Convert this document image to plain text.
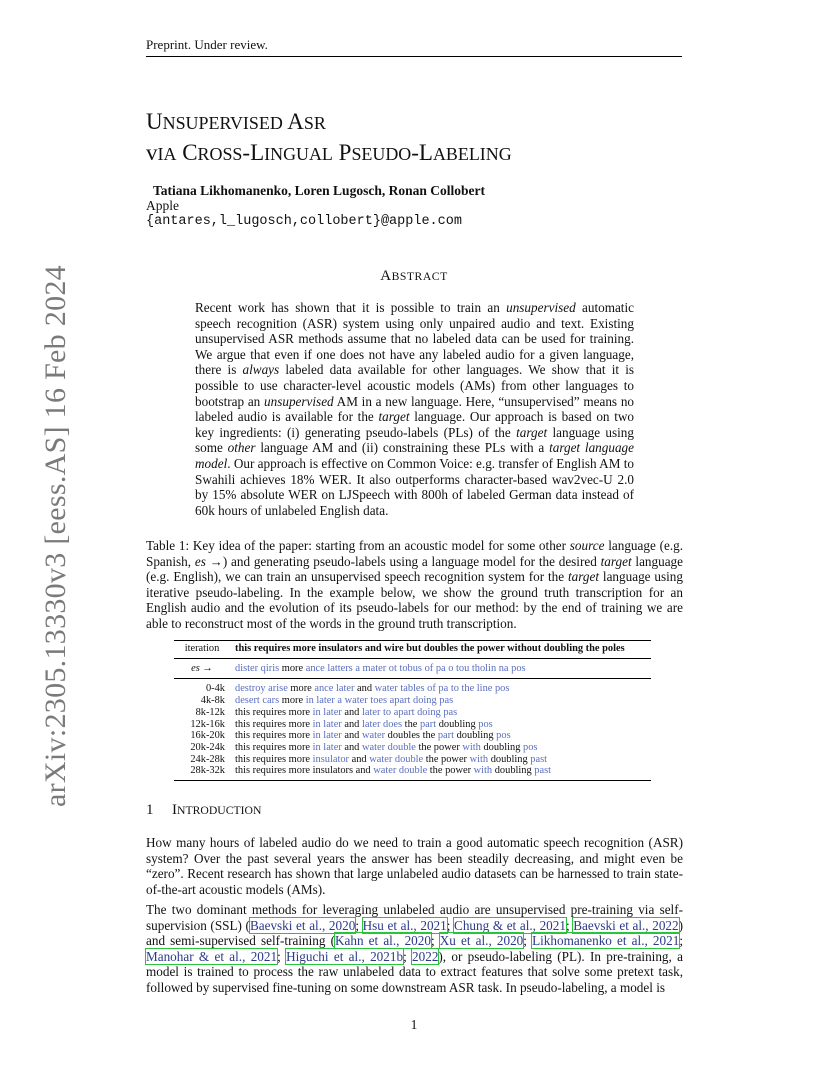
Preprint. Under review.
arXiv:2305.13330v3 [eess.AS] 16 Feb 2024
UNSUPERVISED ASR
vIA CROSS-LINGUAL PSEUDO-LABELING
Tatiana Likhomanenko, Loren Lugosch, Ronan Collobert
Apple
{antares,l_lugosch,collobert}@apple.com
ABSTRACT
Recent work has shown that it is possible to train an unsupervised automatic speech recognition (ASR) system using only unpaired audio and text. Existing unsupervised ASR methods assume that no labeled data can be used for training. We argue that even if one does not have any labeled audio for a given language, there is always labeled data available for other languages. We show that it is possible to use character-level acoustic models (AMs) from other languages to bootstrap an unsupervised AM in a new language. Here, “unsupervised” means no labeled audio is available for the target language. Our approach is based on two key ingredients: (i) generating pseudo-labels (PLs) of the target language using some other language AM and (ii) constraining these PLs with a target language model. Our approach is effective on Common Voice: e.g. transfer of English AM to Swahili achieves 18% WER. It also outperforms character-based wav2vec-U 2.0 by 15% absolute WER on LJSpeech with 800h of labeled German data instead of 60k hours of unlabeled English data.
Table 1: Key idea of the paper: starting from an acoustic model for some other source language (e.g. Spanish, es →) and generating pseudo-labels using a language model for the desired target language (e.g. English), we can train an unsupervised speech recognition system for the target language using iterative pseudo-labeling. In the example below, we show the ground truth transcription for an English audio and the evolution of its pseudo-labels for our method: by the end of training we are able to reconstruct most of the words in the ground truth transcription.
iteration	this requires more insulators and wire but doubles the power without doubling the poles
es →	dister qiris more ance latters a mater ot tobus of pa o tou tholin na pos
0-4k	destroy arise more ance later and water tables of pa to the line pos
4k-8k	desert cars more in later a water toes apart doing pas
8k-12k	this requires more in later and later to apart doing pas
12k-16k	this requires more in later and later does the part doubling pos
16k-20k	this requires more in later and water doubles the part doubling pos
20k-24k	this requires more in later and water double the power with doubling pos
24k-28k	this requires more insulator and water double the power with doubling past
28k-32k	this requires more insulators and water double the power with doubling past
1 INTRODUCTION
How many hours of labeled audio do we need to train a good automatic speech recognition (ASR) system? Over the past several years the answer has been steadily decreasing, and might even be “zero”. Recent research has shown that large unlabeled audio datasets can be harnessed to train state-of-the-art acoustic models (AMs).
The two dominant methods for leveraging unlabeled audio are unsupervised pre-training via self-supervision (SSL) (Baevski et al., 2020; Hsu et al., 2021; Chung & et al., 2021; Baevski et al., 2022) and semi-supervised self-training (Kahn et al., 2020; Xu et al., 2020; Likhomanenko et al., 2021; Manohar & et al., 2021; Higuchi et al., 2021b; 2022), or pseudo-labeling (PL). In pre-training, a model is trained to process the raw unlabeled data to extract features that solve some pretext task, followed by supervised fine-tuning on some downstream ASR task. In pseudo-labeling, a model is
1
